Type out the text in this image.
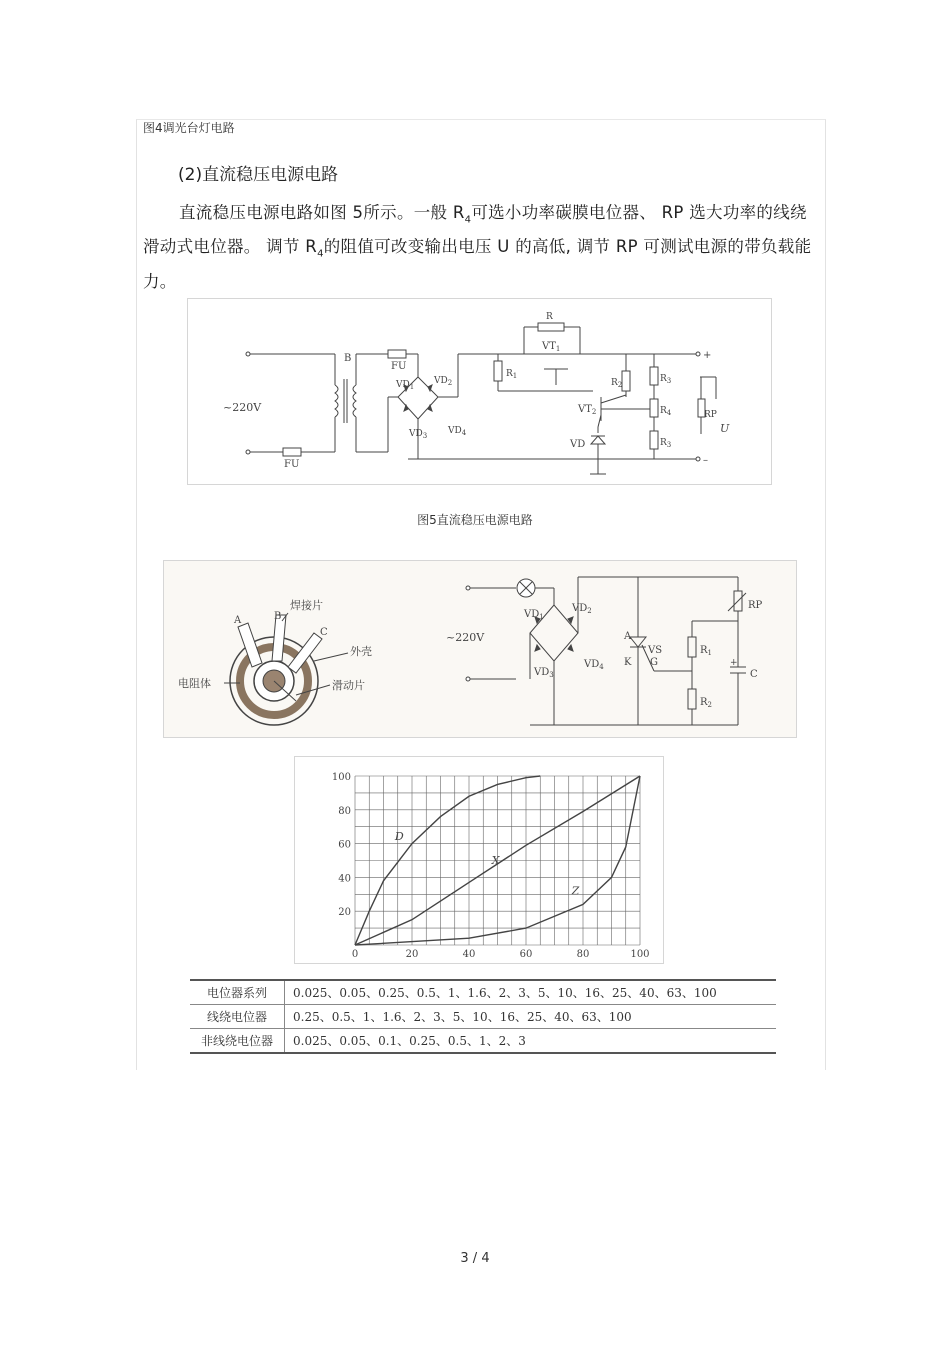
图4调光台灯电路
(2)直流稳压电源电路
直流稳压电源电路如图 5所示。一般 $R_4$可选小功率碳膜电位器、 RP 选大功率的线绕滑动式电位器。 调节 $R_4$的阻值可改变输出电压 U 的高低, 调节 RP 可测试电源的带负载能力。
~220V
FU
B
FU
$VD_1$
$VD_2$
$VD_3$ $VD_4$
R
$VT_1$
$R_1$
$R_2$
$VT_2$
VD
$R_3$
$R_4$
$R_3$
+
–
RP
U
图5直流稳压电源电路
A	B
C
焊接片
外壳
电阻体	滑动片
$VD_1$
$VD_2$
$VD_3$
$VD_4$
~220V	A
K
VS
G
$R_1$
$R_2$
RP
+
C
0	20	40	60	80	100
100
80
60
40
20
D
X
Z
电位器系列	0.025、0.05、0.25、0.5、1、1.6、2、3、5、10、16、25、40、63、100
线绕电位器	0.25、0.5、1、1.6、2、3、5、10、16、25、40、63、100
非线绕电位器	0.025、0.05、0.1、0.25、0.5、1、2、3
3 / 4
